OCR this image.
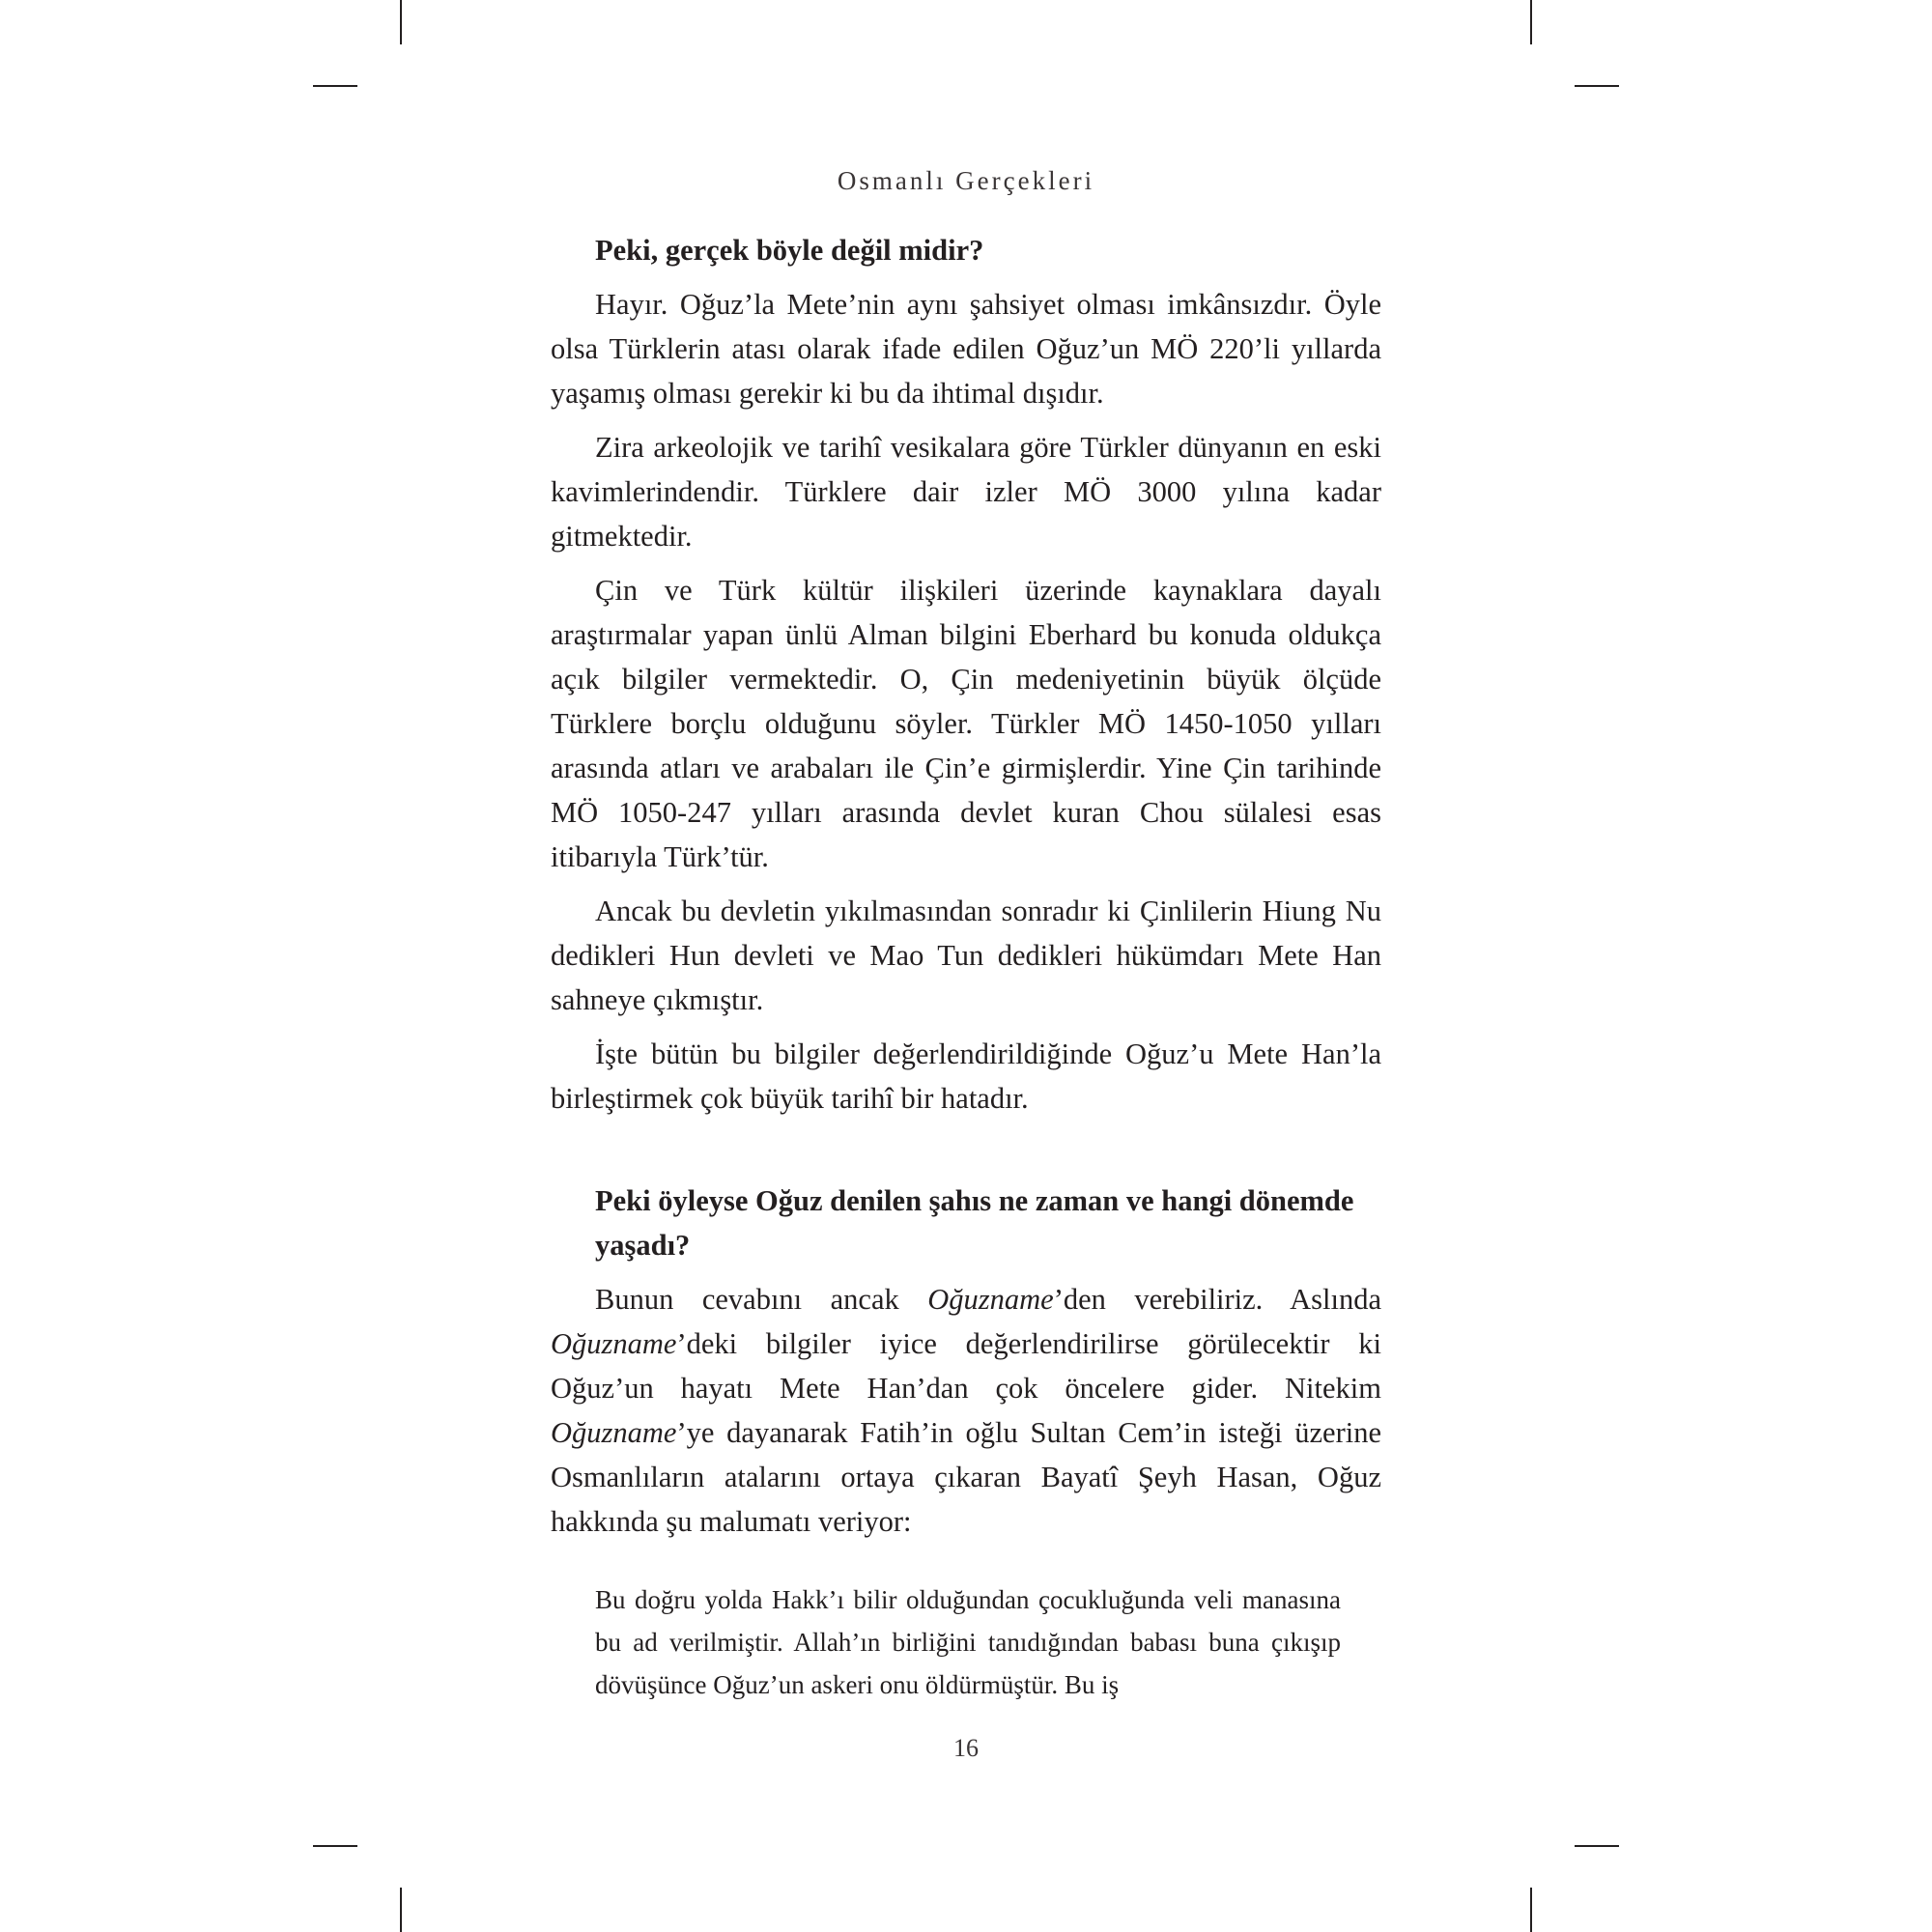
Osmanlı Gerçekleri

Peki, gerçek böyle değil midir?

Hayır. Oğuz’la Mete’nin aynı şahsiyet olması imkânsızdır. Öyle olsa Türklerin atası olarak ifade edilen Oğuz’un MÖ 220’li yıllarda yaşamış olması gerekir ki bu da ihtimal dışıdır.

Zira arkeolojik ve tarihî vesikalara göre Türkler dünyanın en eski kavimlerindendir. Türklere dair izler MÖ 3000 yılına kadar gitmektedir.

Çin ve Türk kültür ilişkileri üzerinde kaynaklara dayalı araştırmalar yapan ünlü Alman bilgini Eberhard bu konuda oldukça açık bilgiler vermektedir. O, Çin medeniyetinin büyük ölçüde Türklere borçlu olduğunu söyler. Türkler MÖ 1450-1050 yılları arasında atları ve arabaları ile Çin’e girmişlerdir. Yine Çin tarihinde MÖ 1050-247 yılları arasında devlet kuran Chou sülalesi esas itibarıyla Türk’tür.

Ancak bu devletin yıkılmasından sonradır ki Çinlilerin Hiung Nu dedikleri Hun devleti ve Mao Tun dedikleri hükümdarı Mete Han sahneye çıkmıştır.

İşte bütün bu bilgiler değerlendirildiğinde Oğuz’u Mete Han’la birleştirmek çok büyük tarihî bir hatadır.

Peki öyleyse Oğuz denilen şahıs ne zaman ve hangi dönemde yaşadı?

Bunun cevabını ancak Oğuzname’den verebiliriz. Aslında Oğuzname’deki bilgiler iyice değerlendirilirse görülecektir ki Oğuz’un hayatı Mete Han’dan çok öncelere gider. Nitekim Oğuzname’ye dayanarak Fatih’in oğlu Sultan Cem’in isteği üzerine Osmanlıların atalarını ortaya çıkaran Bayatî Şeyh Hasan, Oğuz hakkında şu malumatı veriyor:

Bu doğru yolda Hakk’ı bilir olduğundan çocukluğunda veli manasına bu ad verilmiştir. Allah’ın birliğini tanıdığından babası buna çıkışıp dövüşünce Oğuz’un askeri onu öldürmüştür. Bu iş

16
